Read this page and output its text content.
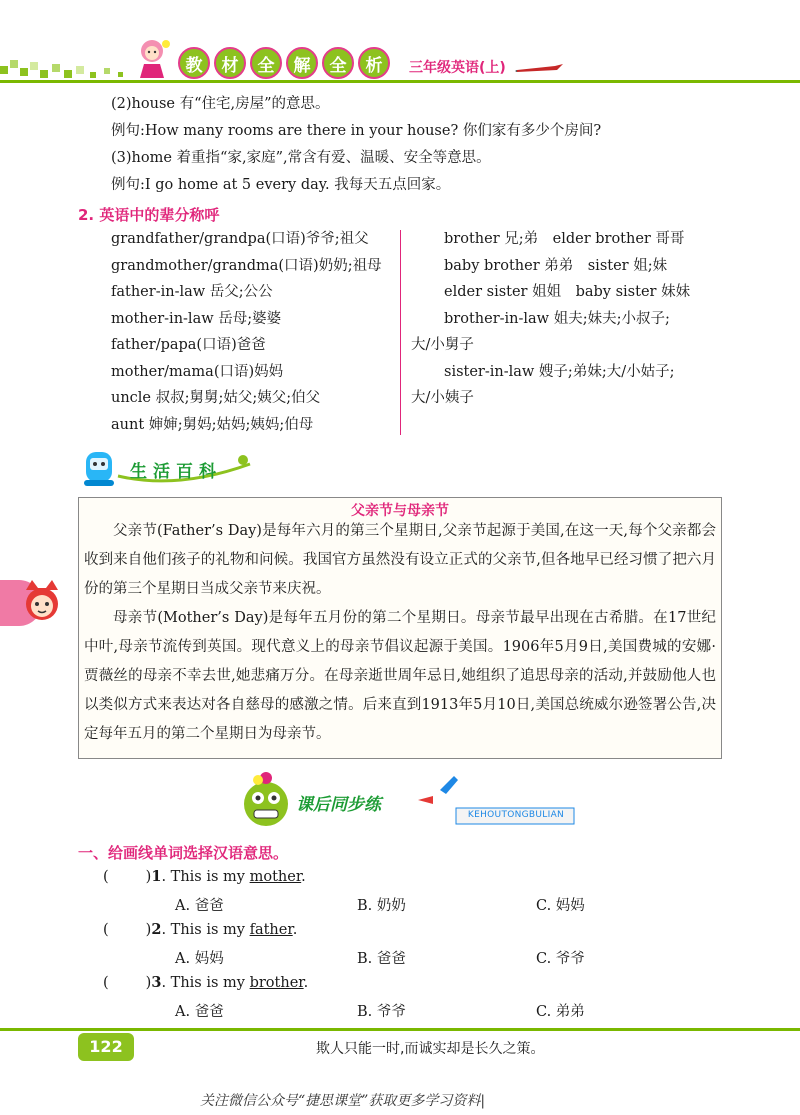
教	材	全	解	全	析	三年级英语(上)
(2)house 有“住宅,房屋”的意思。
例句:How many rooms are there in your house? 你们家有多少个房间?
(3)home 着重指“家,家庭”,常含有爱、温暖、安全等意思。
例句:I go home at 5 every day. 我每天五点回家。
2. 英语中的辈分称呼
grandfather/grandpa(口语)爷爷;祖父
grandmother/grandma(口语)奶奶;祖母
father-in-law 岳父;公公
mother-in-law 岳母;婆婆
father/papa(口语)爸爸
mother/mama(口语)妈妈
uncle 叔叔;舅舅;姑父;姨父;伯父
aunt 婶婶;舅妈;姑妈;姨妈;伯母
brother 兄;弟　elder brother 哥哥
baby brother 弟弟　sister 姐;妹
elder sister 姐姐　baby sister 妹妹
brother-in-law 姐夫;妹夫;小叔子;
大/小舅子
sister-in-law 嫂子;弟妹;大/小姑子;
大/小姨子
生活百科
父亲节与母亲节
父亲节(Father’s Day)是每年六月的第三个星期日,父亲节起源于美国,在这一天,每个父亲都会收到来自他们孩子的礼物和问候。我国官方虽然没有设立正式的父亲节,但各地早已经习惯了把六月份的第三个星期日当成父亲节来庆祝。
母亲节(Mother’s Day)是每年五月份的第二个星期日。母亲节最早出现在古希腊。在17世纪中叶,母亲节流传到英国。现代意义上的母亲节倡议起源于美国。1906年5月9日,美国费城的安娜·贾薇丝的母亲不幸去世,她悲痛万分。在母亲逝世周年忌日,她组织了追思母亲的活动,并鼓励他人也以类似方式来表达对各自慈母的感激之情。后来直到1913年5月10日,美国总统威尔逊签署公告,决定每年五月的第二个星期日为母亲节。
课后同步练	KEHOUTONGBULIAN
一、给画线单词选择汉语意思。
(	)1. This is my mother.
A. 爸爸	B. 奶奶	C. 妈妈
(	)2. This is my father.
A. 妈妈	B. 爸爸	C. 爷爷
(	)3. This is my brother.
A. 爸爸	B. 爷爷	C. 弟弟
122	欺人只能一时,而诚实却是长久之策。
关注微信公众号“捷思课堂”获取更多学习资料|
